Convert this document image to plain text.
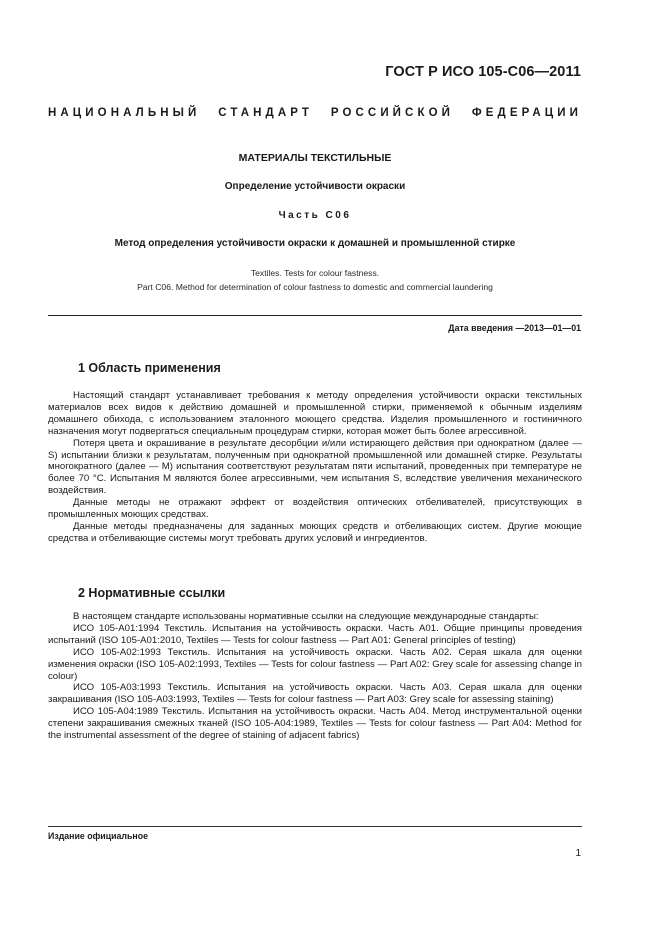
ГОСТ Р ИСО 105-С06—2011
НАЦИОНАЛЬНЫЙ СТАНДАРТ РОССИЙСКОЙ ФЕДЕРАЦИИ
МАТЕРИАЛЫ ТЕКСТИЛЬНЫЕ
Определение устойчивости окраски
Часть С06
Метод определения устойчивости окраски к домашней и промышленной стирке
Textiles. Tests for colour fastness.
Part C06. Method for determination of colour fastness to domestic and commercial laundering
Дата введения —2013—01—01
1 Область применения

Настоящий стандарт устанавливает требования к методу определения устойчивости окраски текстильных материалов всех видов к действию домашней и промышленной стирки, применяемой к обычным изделиям домашнего обихода, с использованием эталонного моющего средства. Изделия промышленного и гостиничного назначения могут подвергаться специальным процедурам стирки, которая может быть более агрессивной.

Потеря цвета и окрашивание в результате десорбции и/или истирающего действия при однократном (далее — S) испытании близки к результатам, полученным при однократной промышленной или домашней стирке. Результаты многократного (далее — M) испытания соответствуют результатам пяти испытаний, проведенных при температуре не более 70 °С. Испытания М являются более агрессивными, чем испытания S, вследствие увеличения механического воздействия.

Данные методы не отражают эффект от воздействия оптических отбеливателей, присутствующих в промышленных моющих средствах.

Данные методы предназначены для заданных моющих средств и отбеливающих систем. Другие моющие средства и отбеливающие системы могут требовать других условий и ингредиентов.

2 Нормативные ссылки

В настоящем стандарте использованы нормативные ссылки на следующие международные стандарты:

ИСО 105-А01:1994 Текстиль. Испытания на устойчивость окраски. Часть А01. Общие принципы проведения испытаний (ISO 105-A01:2010, Textiles — Tests for colour fastness — Part A01: General principles of testing)

ИСО 105-А02:1993 Текстиль. Испытания на устойчивость окраски. Часть А02. Серая шкала для оценки изменения окраски (ISO 105-A02:1993, Textiles — Tests for colour fastness — Part A02: Grey scale for assessing change in colour)

ИСО 105-А03:1993 Текстиль. Испытания на устойчивость окраски. Часть А03. Серая шкала для оценки закрашивания (ISO 105-A03:1993, Textiles — Tests for colour fastness — Part A03: Grey scale for assessing staining)

ИСО 105-А04:1989 Текстиль. Испытания на устойчивость окраски. Часть А04. Метод инструментальной оценки степени закрашивания смежных тканей (ISO 105-A04:1989, Textiles — Tests for colour fastness — Part A04: Method for the instrumental assessment of the degree of staining of adjacent fabrics)

Издание официальное
1
